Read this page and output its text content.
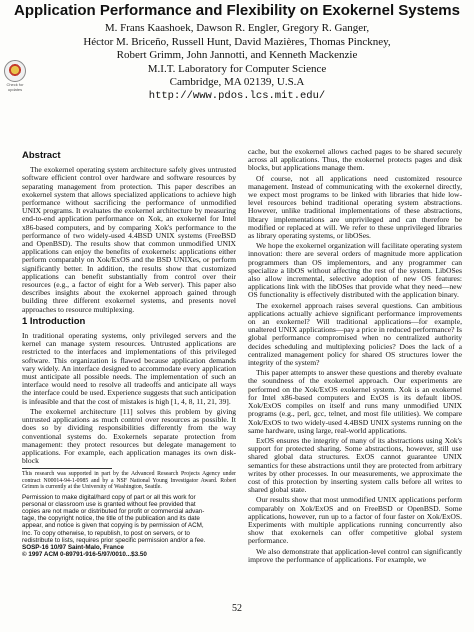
Application Performance and Flexibility on Exokernel Systems
M. Frans Kaashoek, Dawson R. Engler, Gregory R. Ganger,
Héctor M. Briceño, Russell Hunt, David Mazières, Thomas Pinckney,
Robert Grimm, John Jannotti, and Kenneth Mackenzie
M.I.T. Laboratory for Computer Science
Cambridge, MA 02139, U.S.A
http://www.pdos.lcs.mit.edu/
Check for updates
Abstract

The exokernel operating system architecture safely gives untrusted software efficient control over hardware and software resources by separating management from protection. This paper describes an exokernel system that allows specialized applications to achieve high performance without sacrificing the performance of unmodified UNIX programs. It evaluates the exokernel architecture by measuring end-to-end application performance on Xok, an exokernel for Intel x86-based computers, and by comparing Xok's performance to the performance of two widely-used 4.4BSD UNIX systems (FreeBSD and OpenBSD). The results show that common unmodified UNIX applications can enjoy the benefits of exokernels: applications either perform comparably on Xok/ExOS and the BSD UNIXes, or perform significantly better. In addition, the results show that customized applications can benefit substantially from control over their resources (e.g., a factor of eight for a Web server). This paper also describes insights about the exokernel approach gained through building three different exokernel systems, and presents novel approaches to resource multiplexing.

1 Introduction

In traditional operating systems, only privileged servers and the kernel can manage system resources. Untrusted applications are restricted to the interfaces and implementations of this privileged software. This organization is flawed because application demands vary widely. An interface designed to accommodate every application must anticipate all possible needs. The implementation of such an interface would need to resolve all tradeoffs and anticipate all ways the interface could be used. Experience suggests that such anticipation is infeasible and that the cost of mistakes is high [1, 4, 8, 11, 21, 39].

The exokernel architecture [11] solves this problem by giving untrusted applications as much control over resources as possible. It does so by dividing responsibilities differently from the way conventional systems do. Exokernels separate protection from management: they protect resources but delegate management to applications. For example, each application manages its own disk-block

This research was supported in part by the Advanced Research Projects Agency under contract N00014-94-1-0985 and by a NSF National Young Investigator Award. Robert Grimm is currently at the University of Washington, Seattle.

Permission to make digital/hard copy of part or all this work for
personal or classroom use is granted without fee provided that
copies are not made or distributed for profit or commercial advan-
tage, the copyright notice, the title of the publication and its date
appear, and notice is given that copying is by permission of ACM,
Inc. To copy otherwise, to republish, to post on servers, or to
redistribute to lists, requires prior specific permission and/or a fee.
SOSP-16 10/97 Saint-Malo, France
© 1997 ACM 0-89791-916-5/97/0010...$3.50

cache, but the exokernel allows cached pages to be shared securely across all applications. Thus, the exokernel protects pages and disk blocks, but applications manage them.

Of course, not all applications need customized resource management. Instead of communicating with the exokernel directly, we expect most programs to be linked with libraries that hide low-level resources behind traditional operating system abstractions. However, unlike traditional implementations of these abstractions, library implementations are unprivileged and can therefore be modified or replaced at will. We refer to these unprivileged libraries as library operating systems, or libOSes.

We hope the exokernel organization will facilitate operating system innovation: there are several orders of magnitude more application programmers than OS implementors, and any programmer can specialize a libOS without affecting the rest of the system. LibOSes also allow incremental, selective adoption of new OS features: applications link with the libOSes that provide what they need—new OS functionality is effectively distributed with the application binary.

The exokernel approach raises several questions. Can ambitious applications actually achieve significant performance improvements on an exokernel? Will traditional applications—for example, unaltered UNIX applications—pay a price in reduced performance? Is global performance compromised when no centralized authority decides scheduling and multiplexing policies? Does the lack of a centralized management policy for shared OS structures lower the integrity of the system?

This paper attempts to answer these questions and thereby evaluate the soundness of the exokernel approach. Our experiments are performed on the Xok/ExOS exokernel system. Xok is an exokernel for Intel x86-based computers and ExOS is its default libOS. Xok/ExOS compiles on itself and runs many unmodified UNIX programs (e.g., perl, gcc, telnet, and most file utilities). We compare Xok/ExOS to two widely-used 4.4BSD UNIX systems running on the same hardware, using large, real-world applications.

ExOS ensures the integrity of many of its abstractions using Xok's support for protected sharing. Some abstractions, however, still use shared global data structures. ExOS cannot guarantee UNIX semantics for these abstractions until they are protected from arbitrary writes by other processes. In our measurements, we approximate the cost of this protection by inserting system calls before all writes to shared global state.

Our results show that most unmodified UNIX applications perform comparably on Xok/ExOS and on FreeBSD or OpenBSD. Some applications, however, run up to a factor of four faster on Xok/ExOS. Experiments with multiple applications running concurrently also show that exokernels can offer competitive global system performance.

We also demonstrate that application-level control can significantly improve the performance of applications. For example, we

52
